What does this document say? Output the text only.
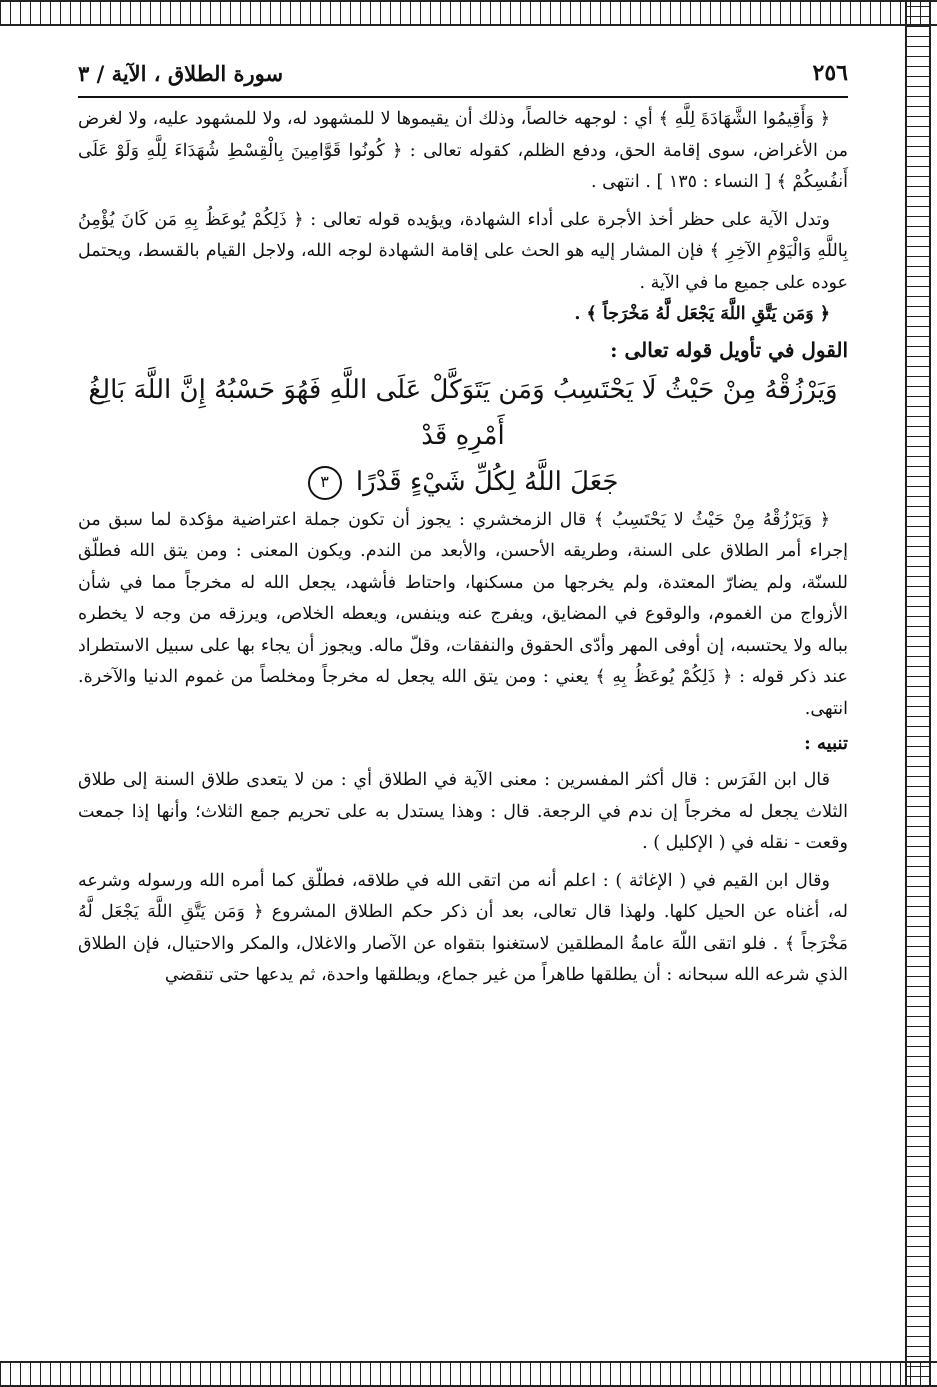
٢٥٦
سورة الطلاق ، الآية / ٣

﴿ وَأَقِيمُوا الشَّهَادَةَ لِلَّهِ ﴾ أي : لوجهه خالصاً، وذلك أن يقيموها لا للمشهود له، ولا للمشهود عليه، ولا لغرض من الأغراض، سوى إقامة الحق، ودفع الظلم، كقوله تعالى : ﴿ كُونُوا قَوَّامِينَ بِالْقِسْطِ شُهَدَاءَ لِلَّهِ وَلَوْ عَلَى أَنفُسِكُمْ ﴾ [ النساء : ١٣٥ ] . انتهى .

وتدل الآية على حظر أخذ الأجرة على أداء الشهادة، ويؤيده قوله تعالى : ﴿ ذَلِكُمْ يُوعَظُ بِهِ مَن كَانَ يُؤْمِنُ بِاللَّهِ وَالْيَوْمِ الآخِرِ ﴾ فإن المشار إليه هو الحث على إقامة الشهادة لوجه الله، ولاجل القيام بالقسط، ويحتمل عوده على جميع ما في الآية .

﴿ وَمَن يَتَّقِ اللَّهَ يَجْعَل لَّهُ مَخْرَجاً ﴾ .

القول في تأويل قوله تعالى :

وَيَرْزُقْهُ مِنْ حَيْثُ لَا يَحْتَسِبُ وَمَن يَتَوَكَّلْ عَلَى اللَّهِ فَهُوَ حَسْبُهُ إِنَّ اللَّهَ بَالِغُ أَمْرِهِ قَدْ
جَعَلَ اللَّهُ لِكُلِّ شَيْءٍ قَدْرًا ٣

﴿ وَيَرْزُقْهُ مِنْ حَيْثُ لا يَحْتَسِبُ ﴾ قال الزمخشري : يجوز أن تكون جملة اعتراضية مؤكدة لما سبق من إجراء أمر الطلاق على السنة، وطريقه الأحسن، والأبعد من الندم. ويكون المعنى : ومن يتق الله فطلّق للسنّة، ولم يضارّ المعتدة، ولم يخرجها من مسكنها، واحتاط فأشهد، يجعل الله له مخرجاً مما في شأن الأزواج من الغموم، والوقوع في المضايق، ويفرج عنه وينفس، ويعطه الخلاص، ويرزقه من وجه لا يخطره بباله ولا يحتسبه، إن أوفى المهر وأدّى الحقوق والنفقات، وقلّ ماله. ويجوز أن يجاء بها على سبيل الاستطراد عند ذكر قوله : ﴿ ذَلِكُمْ يُوعَظُ بِهِ ﴾ يعني : ومن يتق الله يجعل له مخرجاً ومخلصاً من غموم الدنيا والآخرة. انتهى.

تنبيه :

قال ابن الفَرَس : قال أكثر المفسرين : معنى الآية في الطلاق أي : من لا يتعدى طلاق السنة إلى طلاق الثلاث يجعل له مخرجاً إن ندم في الرجعة. قال : وهذا يستدل به على تحريم جمع الثلاث؛ وأنها إذا جمعت وقعت - نقله في ( الإكليل ) .

وقال ابن القيم في ( الإغاثة ) : اعلم أنه من اتقى الله في طلاقه، فطلّق كما أمره الله ورسوله وشرعه له، أغناه عن الحيل كلها. ولهذا قال تعالى، بعد أن ذكر حكم الطلاق المشروع ﴿ وَمَن يَتَّقِ اللَّهَ يَجْعَل لَّهُ مَخْرَجاً ﴾ . فلو اتقى اللّهَ عامةُ المطلقين لاستغنوا بتقواه عن الآصار والاغلال، والمكر والاحتيال، فإن الطلاق الذي شرعه الله سبحانه : أن يطلقها طاهراً من غير جماع، ويطلقها واحدة، ثم يدعها حتى تنقضي
